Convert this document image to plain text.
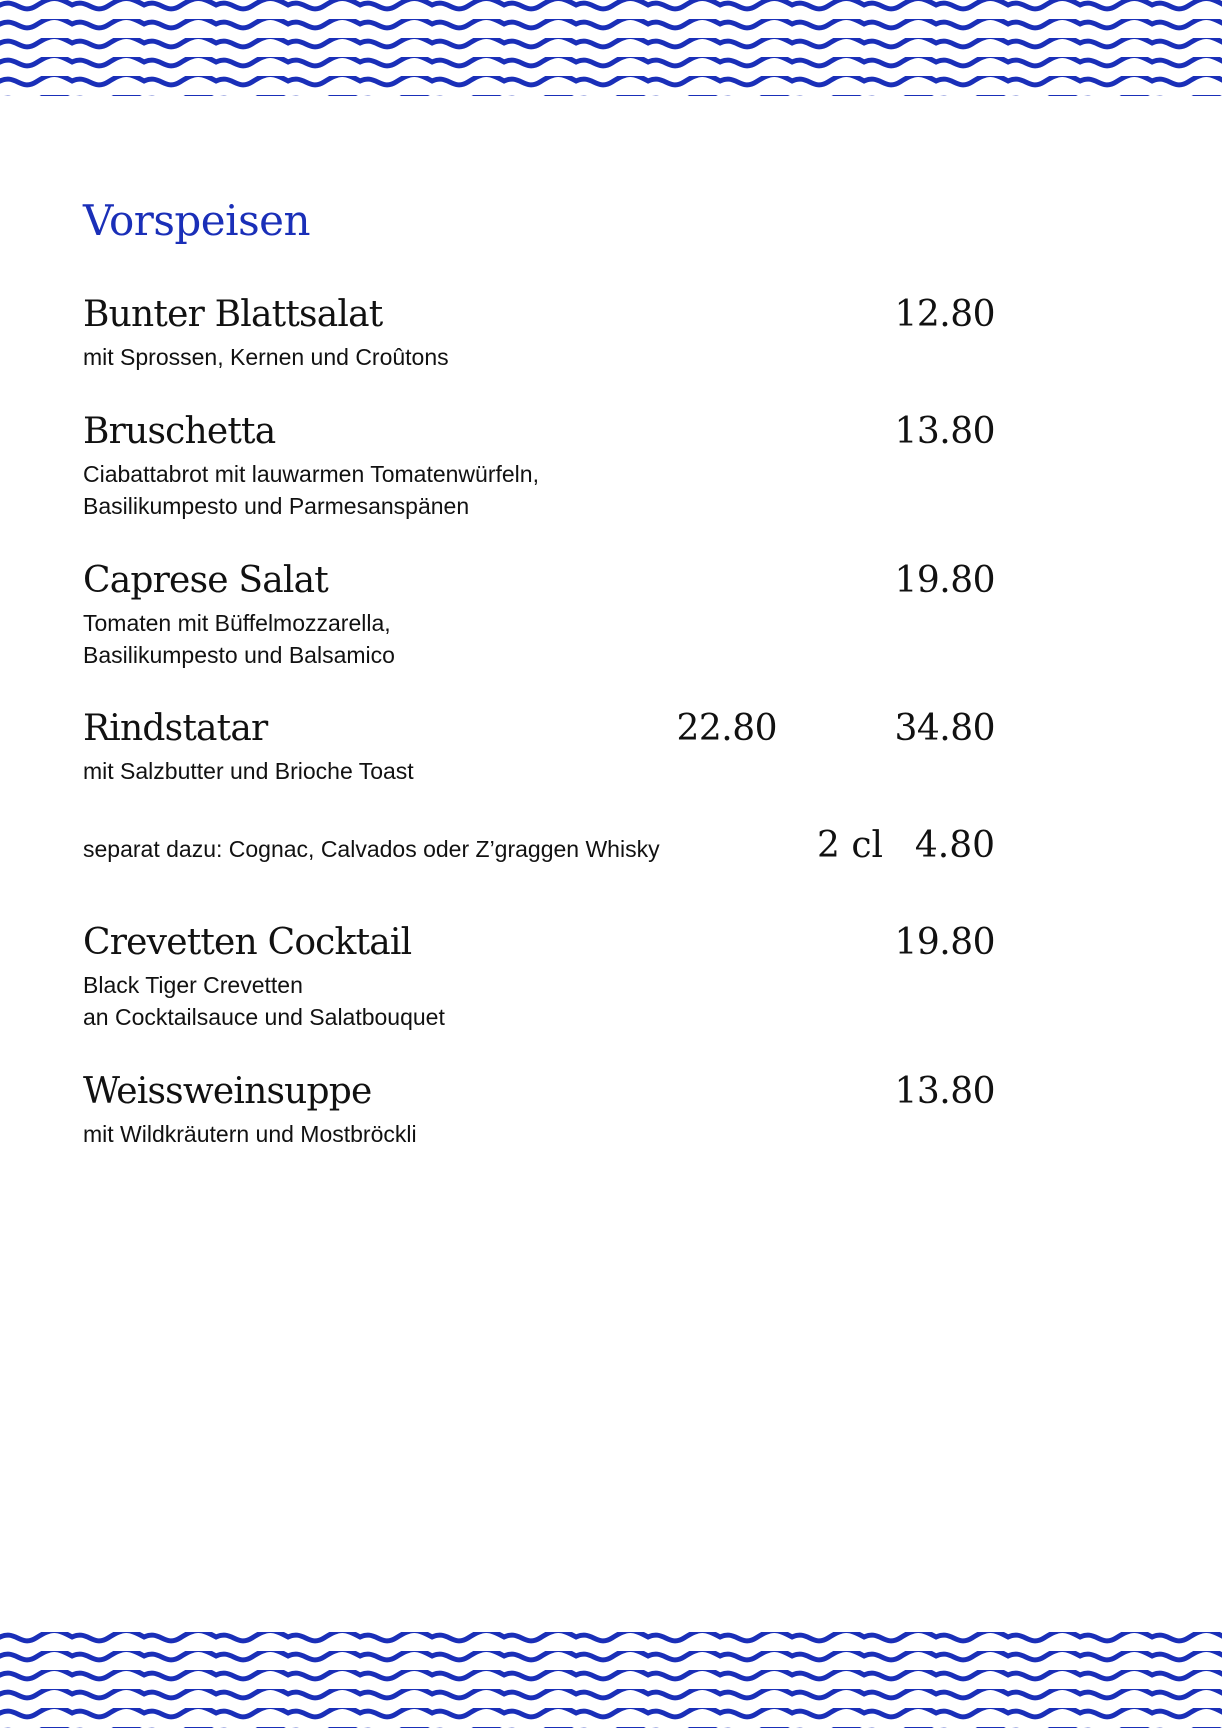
Vorspeisen
Bunter Blattsalat	12.80
mit Sprossen, Kernen und Croûtons
Bruschetta	13.80
Ciabattabrot mit lauwarmen Tomatenwürfeln,
Basilikumpesto und Parmesanspänen
Caprese Salat	19.80
Tomaten mit Büffelmozzarella,
Basilikumpesto und Balsamico
Rindstatar	22.80	34.80
mit Salzbutter und Brioche Toast
separat dazu: Cognac, Calvados oder Z’graggen Whisky	2 cl 4.80
Crevetten Cocktail	19.80
Black Tiger Crevetten
an Cocktailsauce und Salatbouquet
Weissweinsuppe	13.80
mit Wildkräutern und Mostbröckli
